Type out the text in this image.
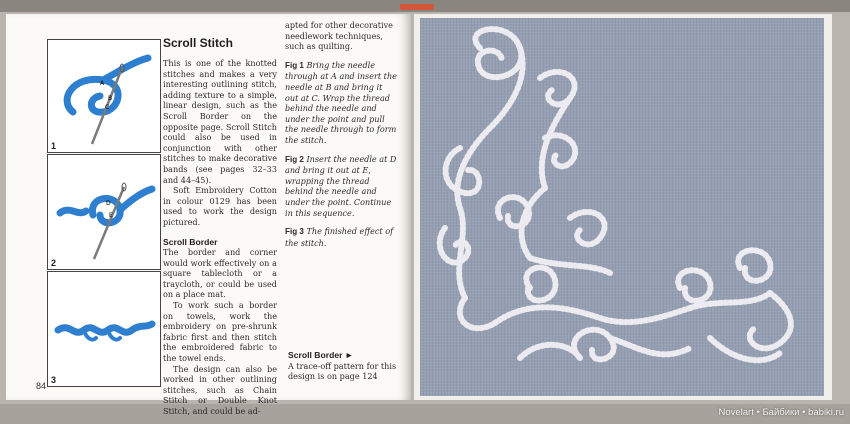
A
B
C
1
D
E
2
3
Scroll Stitch

This is one of the knotted stitches and makes a very interesting outlining stitch, adding texture to a simple, linear design, such as the Scroll Border on the opposite page. Scroll Stitch could also be used in conjunction with other stitches to make decorative bands (see pages 32–33 and 44–45).

Soft Embroidery Cotton in colour 0129 has been used to work the design pictured.

Scroll Border

The border and corner would work effectively on a square tablecloth or a traycloth, or could be used on a place mat.

To work such a border on towels, work the embroidery on pre-shrunk fabric first and then stitch the embroidered fabric to the towel ends.

The design can also be worked in other outlining stitches, such as Chain Stitch or Double Knot Stitch, and could be ad-

apted for other decorative needlework techniques, such as quilting.

Fig 1 Bring the needle through at A and insert the needle at B and bring it out at C. Wrap the thread behind the needle and under the point and pull the needle through to form the stitch.

Fig 2 Insert the needle at D and bring it out at E, wrapping the thread behind the needle and under the point. Continue in this sequence.

Fig 3 The finished effect of the stitch.

Scroll Border ►

A trace-off pattern for this design is on page 124

84
Novelart • Байбики • babiki.ru
